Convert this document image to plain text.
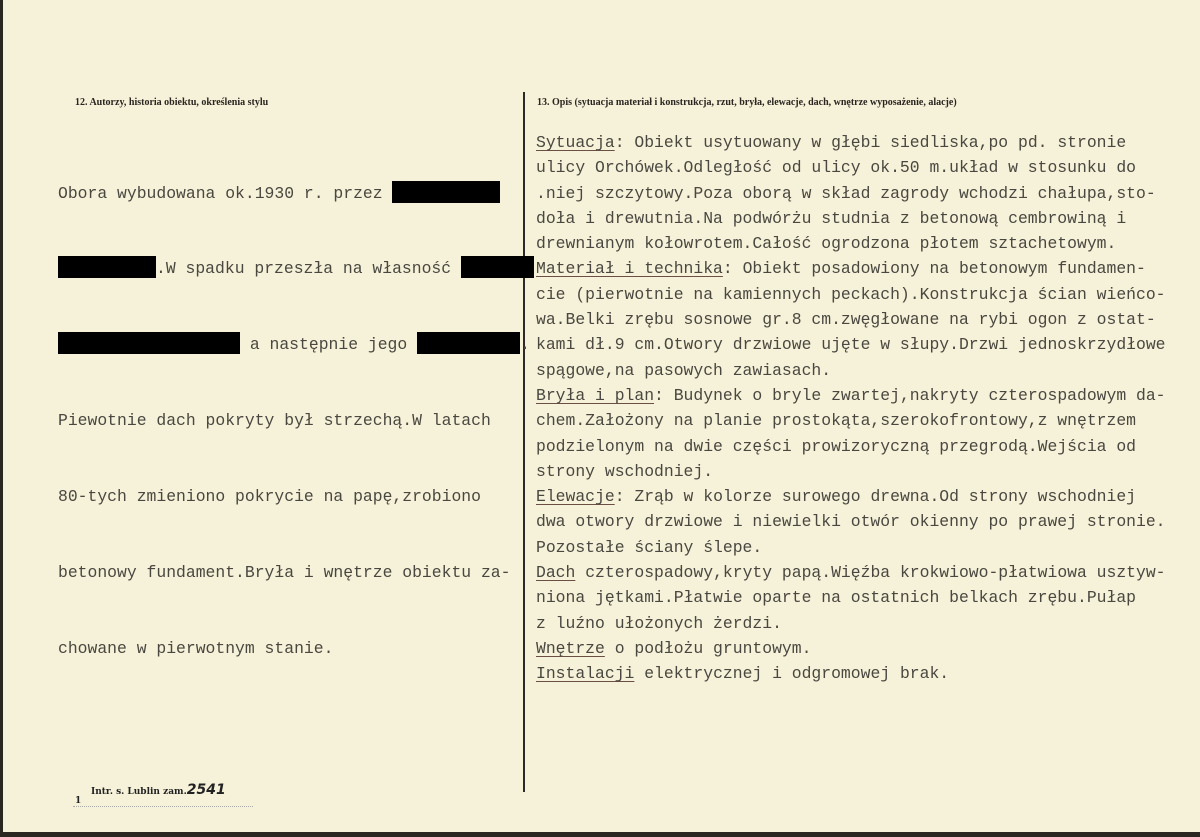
12. Autorzy, historia obiektu, określenia stylu	13. Opis (sytuacja materiał i konstrukcja, rzut, bryła, elewacje, dach, wnętrze wyposażenie, alacje)

Obora wybudowana ok.1930 r. przez

.W spadku przeszła na własność

a następnie jego	.

Piewotnie dach pokryty był strzechą.W latach

80-tych zmieniono pokrycie na papę,zrobiono

betonowy fundament.Bryła i wnętrze obiektu za-

chowane w pierwotnym stanie.

Sytuacja: Obiekt usytuowany w głębi siedliska,po pd. stronie
ulicy Orchówek.Odległość od ulicy ok.50 m.układ w stosunku do
.niej szczytowy.Poza oborą w skład zagrody wchodzi chałupa,sto-
doła i drewutnia.Na podwórżu studnia z betonową cembrowiną i
drewnianym kołowrotem.Całość ogrodzona płotem sztachetowym.
Materiał i technika: Obiekt posadowiony na betonowym fundamen-
cie (pierwotnie na kamiennych peckach).Konstrukcja ścian wieńco-
wa.Belki zrębu sosnowe gr.8 cm.zwęgłowane na rybi ogon z ostat-
kami dł.9 cm.Otwory drzwiowe ujęte w słupy.Drzwi jednoskrzydłowe
spągowe,na pasowych zawiasach.
Bryła i plan: Budynek o bryle zwartej,nakryty czterospadowym da-
chem.Założony na planie prostokąta,szerokofrontowy,z wnętrzem
podzielonym na dwie części prowizoryczną przegrodą.Wejścia od
strony wschodniej.
Elewacje: Zrąb w kolorze surowego drewna.Od strony wschodniej
dwa otwory drzwiowe i niewielki otwór okienny po prawej stronie.
Pozostałe ściany ślepe.
Dach czterospadowy,kryty papą.Więźba krokwiowo-płatwiowa usztyw-
niona jętkami.Płatwie oparte na ostatnich belkach zrębu.Pułap
z luźno ułożonych żerdzi.
Wnętrze o podłożu gruntowym.
Instalacji elektrycznej i odgromowej brak.
Intr. s. Lublin zam.2541
1
